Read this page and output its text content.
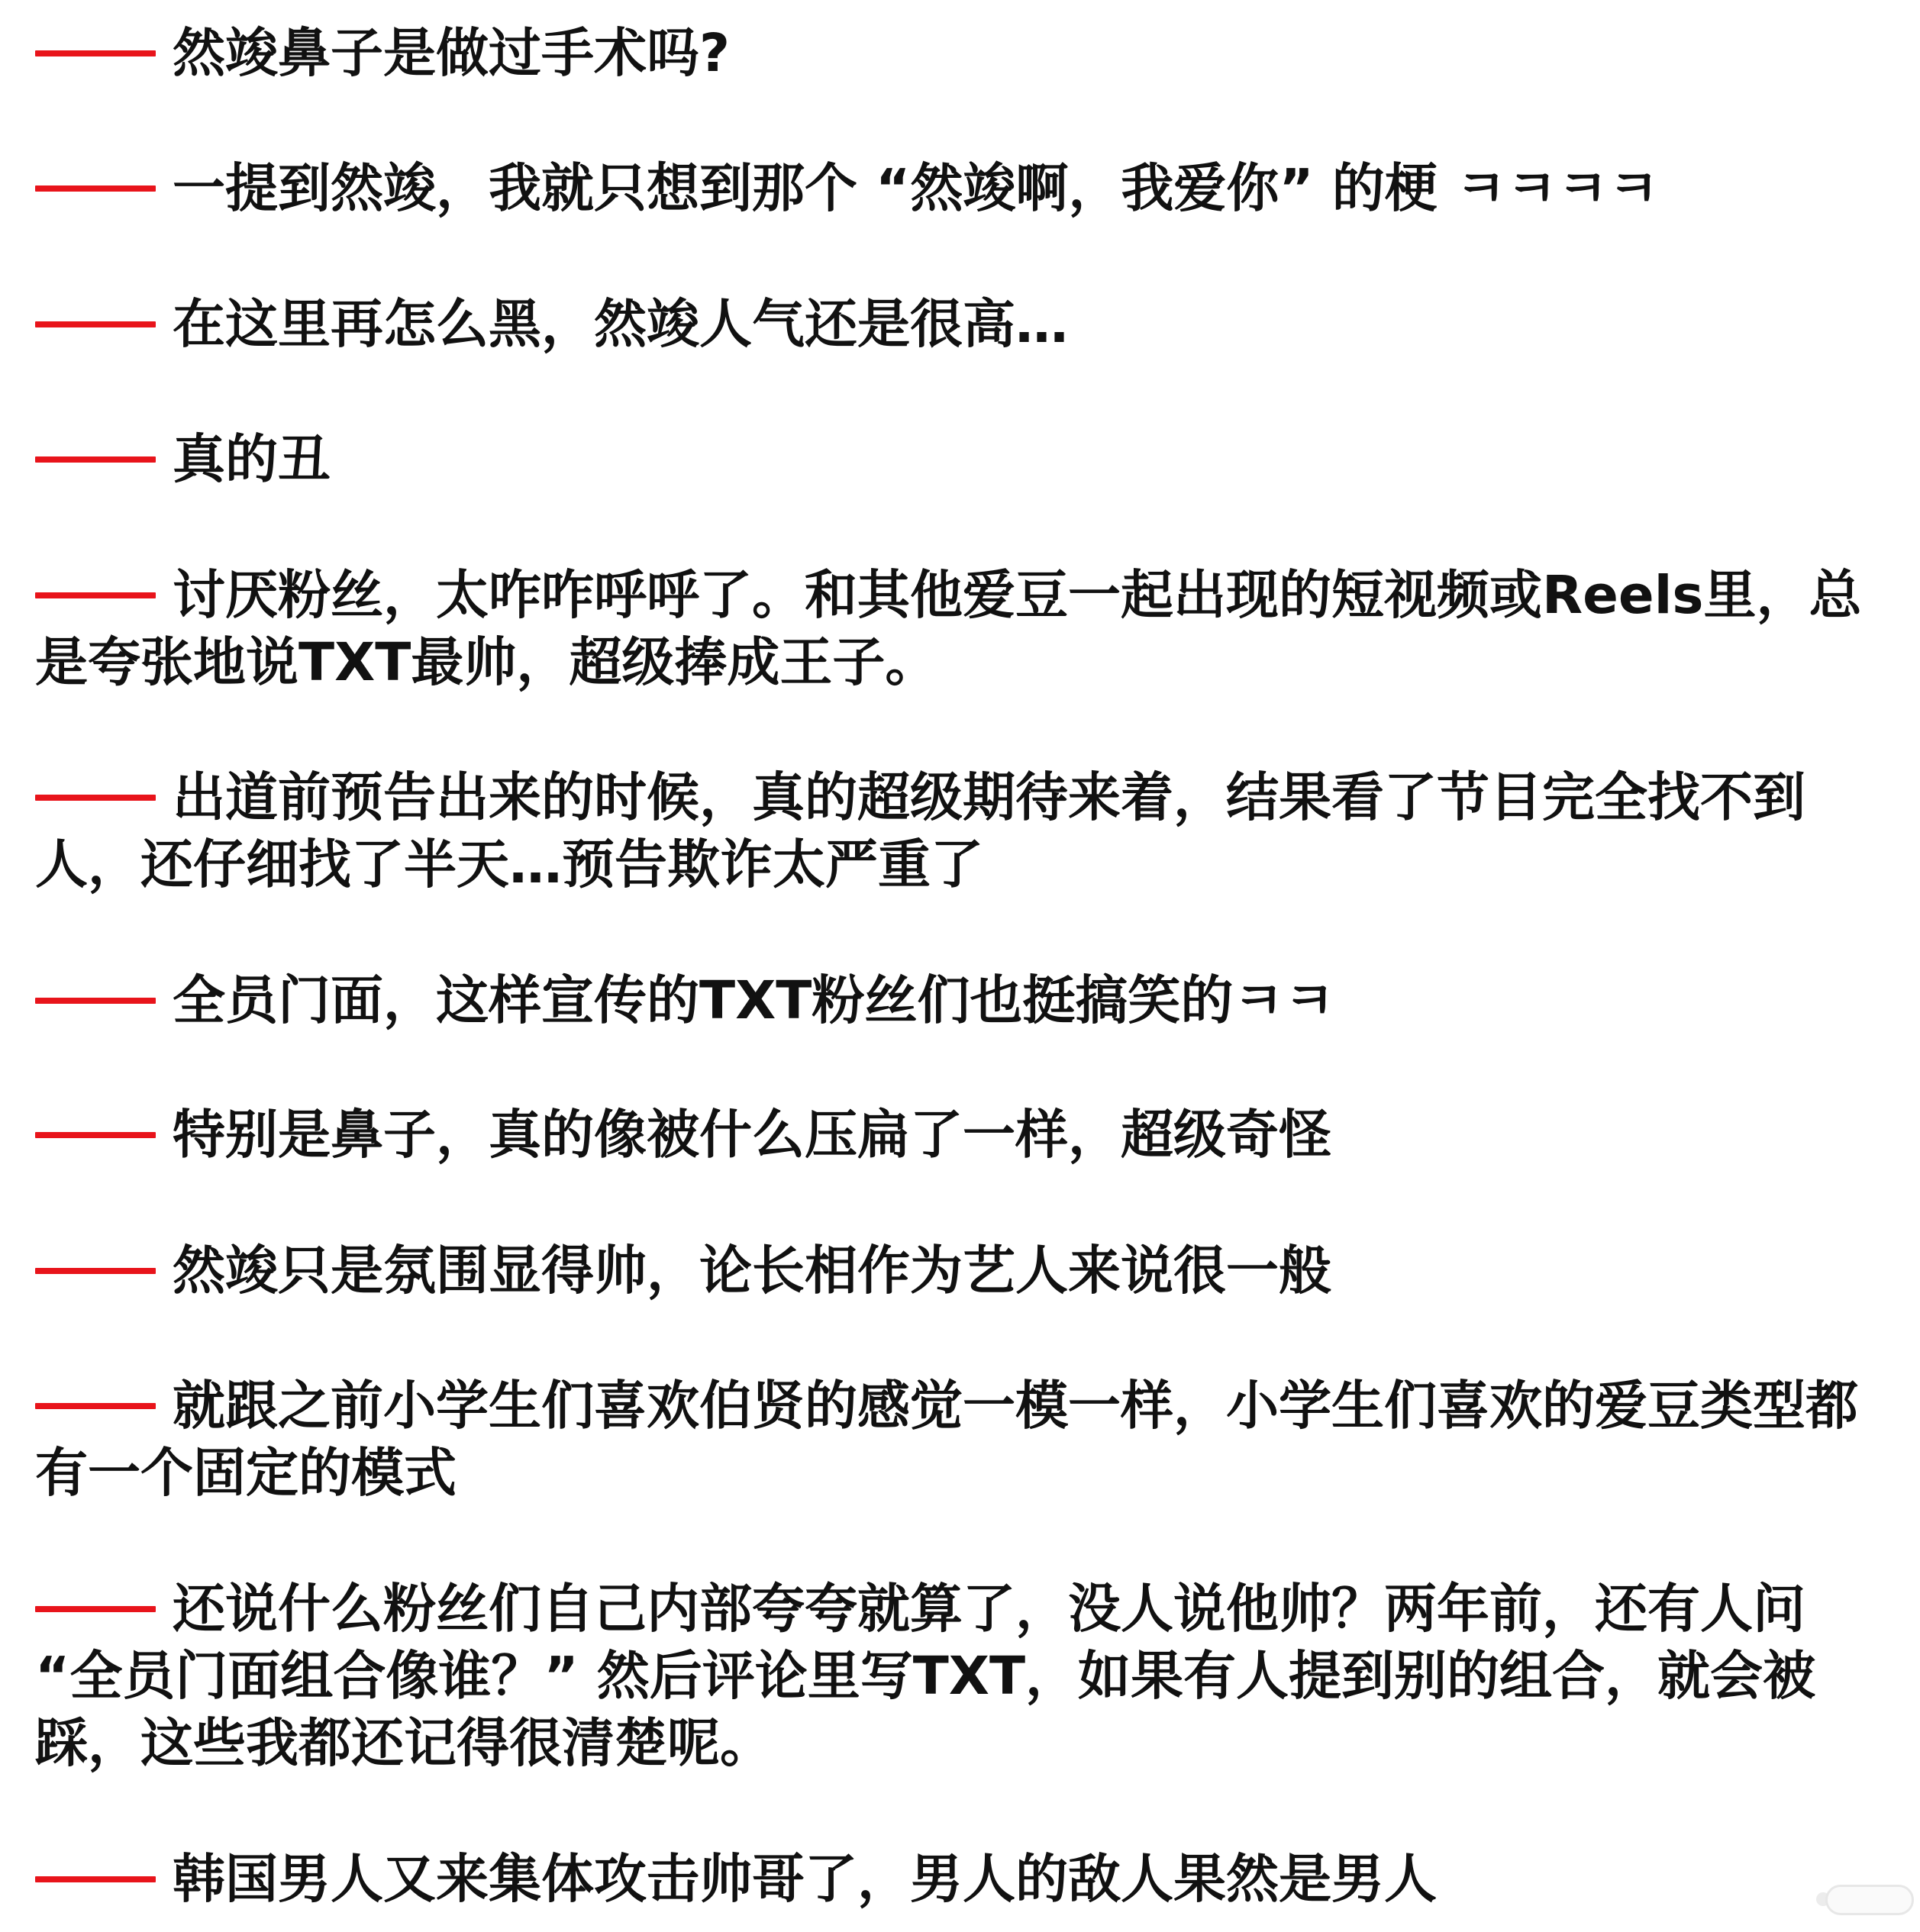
然竣鼻子是做过手术吗?
一提到然竣，我就只想到那个 “然竣啊，我爱你” 的梗 ㅋㅋㅋㅋ
在这里再怎么黑，然竣人气还是很高…
真的丑
讨厌粉丝，太咋咋呼呼了。和其他爱豆一起出现的短视频或Reels里，总是夸张地说TXT最帅，超级捧成王子。
出道前预告出来的时候，真的超级期待来着，结果看了节目完全找不到人，还仔细找了半天…预告欺诈太严重了
全员门面，这样宣传的TXT粉丝们也挺搞笑的ㅋㅋ
特别是鼻子，真的像被什么压扁了一样，超级奇怪
然竣只是氛围显得帅，论长相作为艺人来说很一般
就跟之前小学生们喜欢伯贤的感觉一模一样，小学生们喜欢的爱豆类型都有一个固定的模式
还说什么粉丝们自己内部夸夸就算了，没人说他帅？两年前，还有人问 “全员门面组合像谁？” 然后评论里写TXT，如果有人提到别的组合，就会被踩，这些我都还记得很清楚呢。
韩国男人又来集体攻击帅哥了，男人的敌人果然是男人
